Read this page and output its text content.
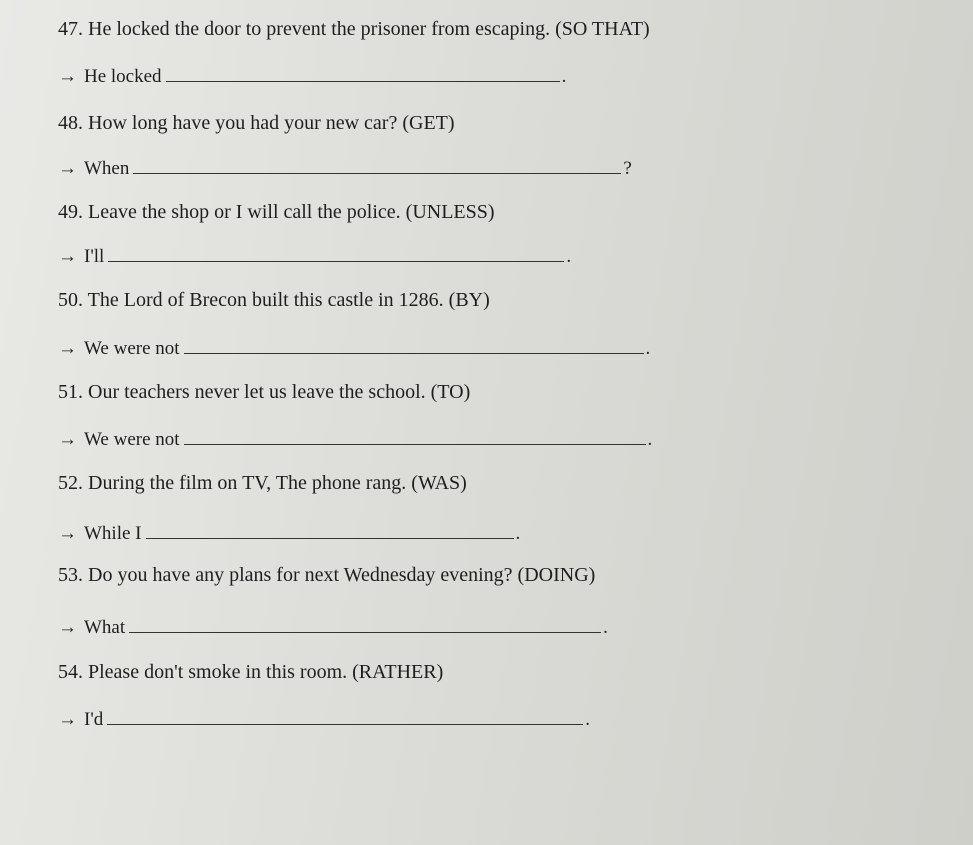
47. He locked the door to prevent the prisoner from escaping. (SO THAT)
→ He locked	.
48. How long have you had your new car? (GET)
→ When	?
49. Leave the shop or I will call the police. (UNLESS)
→ I'll	.
50. The Lord of Brecon built this castle in 1286. (BY)
→ We were not	.
51. Our teachers never let us leave the school. (TO)
→ We were not	.
52. During the film on TV, The phone rang. (WAS)
→ While I	.
53. Do you have any plans for next Wednesday evening? (DOING)
→ What	.
54. Please don't smoke in this room. (RATHER)
→ I'd	.
